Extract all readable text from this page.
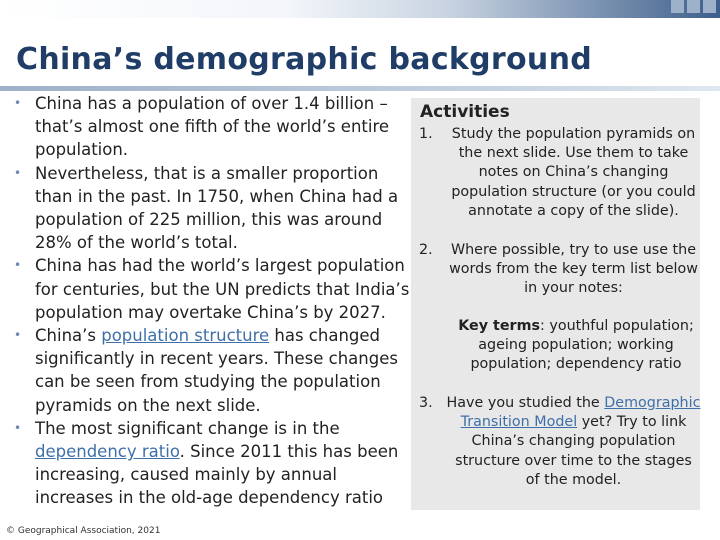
China’s demographic background
• China has a population of over 1.4 billion – that’s almost one fifth of the world’s entire population.
• Nevertheless, that is a smaller proportion than in the past. In 1750, when China had a population of 225 million, this was around 28% of the world’s total.
• China has had the world’s largest population for centuries, but the UN predicts that India’s population may overtake China’s by 2027.
• China’s population structure has changed significantly in recent years. These changes can be seen from studying the population pyramids on the next slide.
• The most significant change is in the dependency ratio. Since 2011 this has been increasing, caused mainly by annual increases in the old-age dependency ratio
Activities
1.	Study the population pyramids on the next slide. Use them to take notes on China’s changing population structure (or you could annotate a copy of the slide).
2.	Where possible, try to use use the words from the key term list below in your notes:
Key terms: youthful population; ageing population; working population; dependency ratio
3. Have you studied the Demographic Transition Model yet? Try to link China’s changing population structure over time to the stages of the model.
© Geographical Association, 2021
